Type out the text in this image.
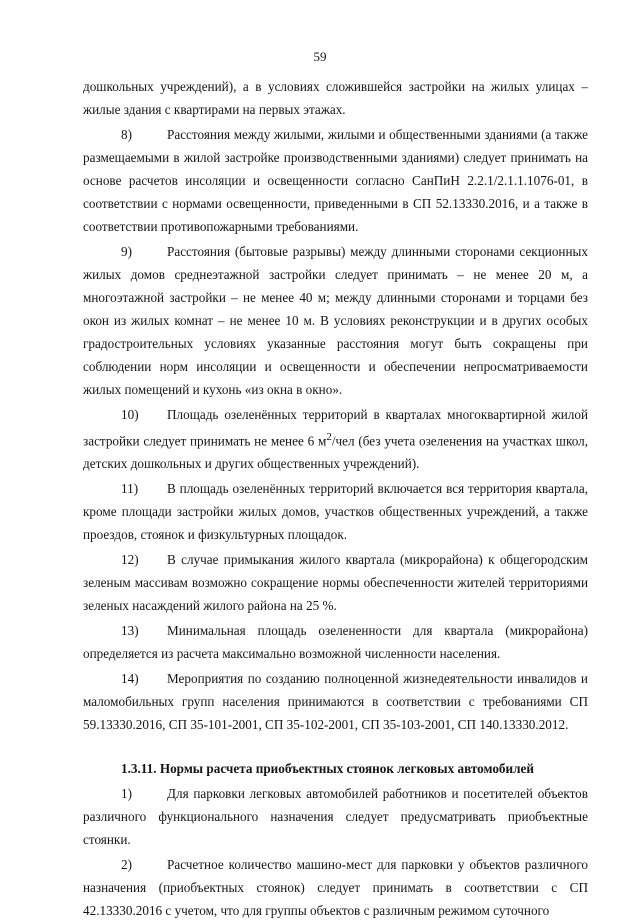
59

дошкольных учреждений), а в условиях сложившейся застройки на жилых улицах – жилые здания с квартирами на первых этажах.

8)	Расстояния между жилыми, жилыми и общественными зданиями (а также размещаемыми в жилой застройке производственными зданиями) следует принимать на основе расчетов инсоляции и освещенности согласно СанПиН 2.2.1/2.1.1.1076-01, в соответствии с нормами освещенности, приведенными в СП 52.13330.2016, и а также в соответствии противопожарными требованиями.

9)	Расстояния (бытовые разрывы) между длинными сторонами секционных жилых домов среднеэтажной застройки следует принимать – не менее 20 м, а многоэтажной застройки – не менее 40 м; между длинными сторонами и торцами без окон из жилых комнат – не менее 10 м. В условиях реконструкции и в других особых градостроительных условиях указанные расстояния могут быть сокращены при соблюдении норм инсоляции и освещенности и обеспечении непросматриваемости жилых помещений и кухонь «из окна в окно».

10) Площадь озеленённых территорий в кварталах многоквартирной жилой застройки следует принимать не менее 6 $м^2$/чел (без учета озеленения на участках школ, детских дошкольных и других общественных учреждений).

11) В площадь озеленённых территорий включается вся территория квартала, кроме площади застройки жилых домов, участков общественных учреждений, а также проездов, стоянок и физкультурных площадок.

12) В случае примыкания жилого квартала (микрорайона) к общегородским зеленым массивам возможно сокращение нормы обеспеченности жителей территориями зеленых насаждений жилого района на 25 %.

13) Минимальная площадь озелененности для квартала (микрорайона) определяется из расчета максимально возможной численности населения.

14) Мероприятия по созданию полноценной жизнедеятельности инвалидов и маломобильных групп населения принимаются в соответствии с требованиями СП 59.13330.2016, СП 35-101-2001, СП 35-102-2001, СП 35-103-2001, СП 140.13330.2012.

1.3.11. Нормы расчета приобъектных стоянок легковых автомобилей

1)	Для парковки легковых автомобилей работников и посетителей объектов различного функционального назначения следует предусматривать приобъектные стоянки.

2)	Расчетное количество машино-мест для парковки у объектов различного назначения (приобъектных стоянок) следует принимать в соответствии с СП 42.13330.2016 с учетом, что для группы объектов с различным режимом суточного
